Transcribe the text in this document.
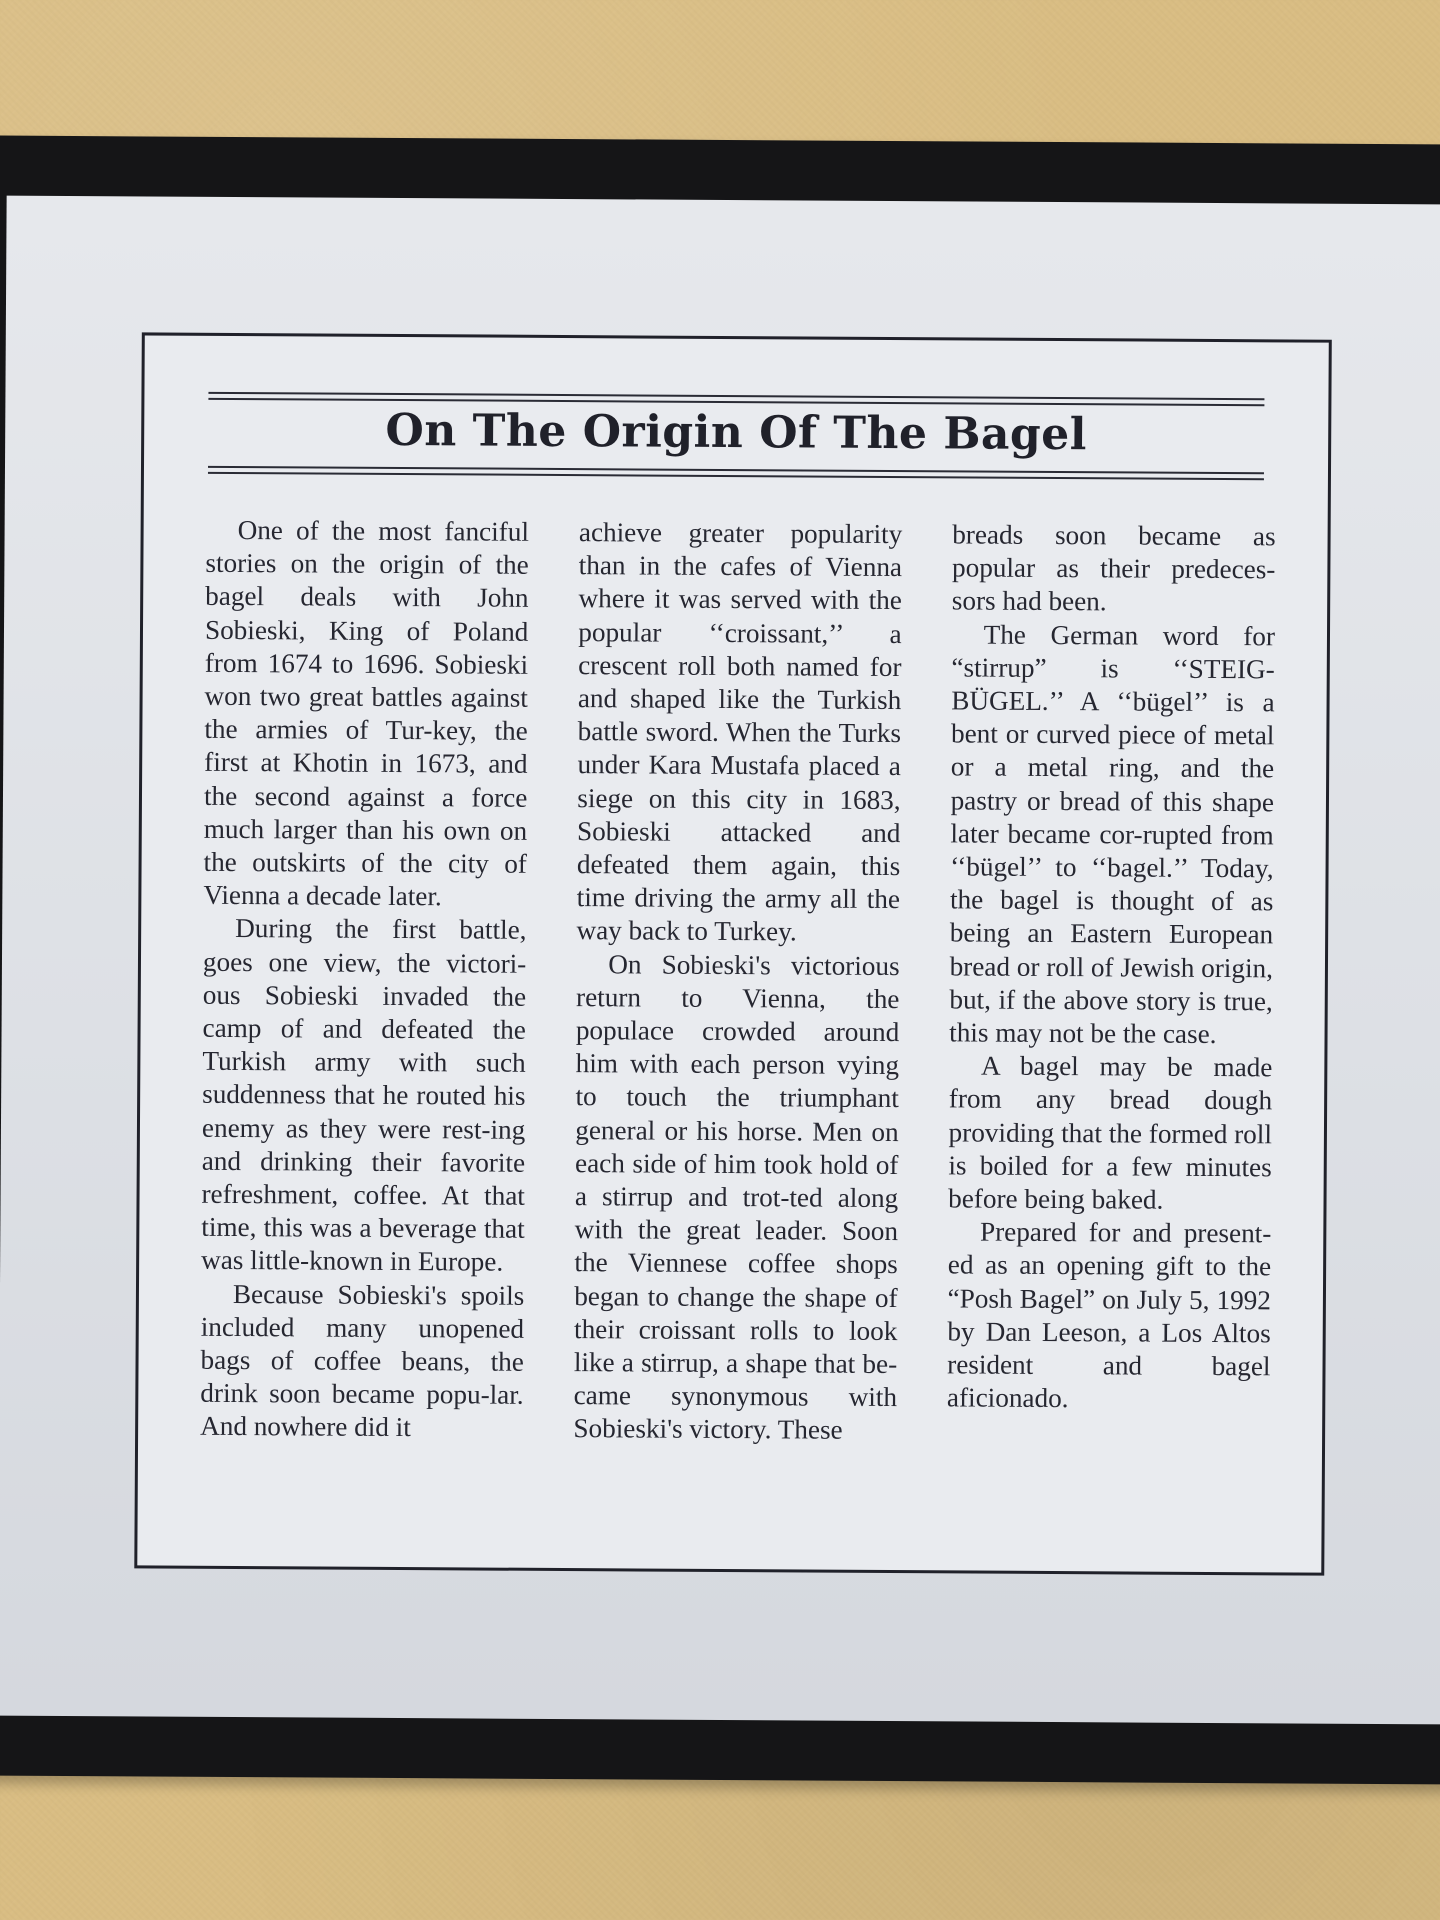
On The Origin Of The Bagel

One of the most fanciful stories on the origin of the bagel deals with John Sobieski, King of Poland from 1674 to 1696. Sobieski won two great battles against the armies of Tur-key, the first at Khotin in 1673, and the second against a force much larger than his own on the outskirts of the city of Vienna a decade later.

During the first battle, goes one view, the victori-ous Sobieski invaded the camp of and defeated the Turkish army with such suddenness that he routed his enemy as they were rest-ing and drinking their favorite refreshment, coffee. At that time, this was a beverage that was little-known in Europe.

Because Sobieski's spoils included many unopened bags of coffee beans, the drink soon became popu-lar. And nowhere did it

achieve greater popularity than in the cafes of Vienna where it was served with the popular ‘‘croissant,’’ a crescent roll both named for and shaped like the Turkish battle sword. When the Turks under Kara Mustafa placed a siege on this city in 1683, Sobieski attacked and defeated them again, this time driving the army all the way back to Turkey.

On Sobieski's victorious return to Vienna, the populace crowded around him with each person vying to touch the triumphant general or his horse. Men on each side of him took hold of a stirrup and trot-ted along with the great leader. Soon the Viennese coffee shops began to change the shape of their croissant rolls to look like a stirrup, a shape that be-came synonymous with Sobieski's victory. These

breads soon became as popular as their predeces-sors had been.

The German word for “stirrup” is ‘‘STEIG-BÜGEL.’’ A ‘‘bügel’’ is a bent or curved piece of metal or a metal ring, and the pastry or bread of this shape later became cor-rupted from ‘‘bügel’’ to ‘‘bagel.’’ Today, the bagel is thought of as being an Eastern European bread or roll of Jewish origin, but, if the above story is true, this may not be the case.

A bagel may be made from any bread dough providing that the formed roll is boiled for a few minutes before being baked.

Prepared for and present-ed as an opening gift to the “Posh Bagel” on July 5, 1992 by Dan Leeson, a Los Altos resident and bagel aficionado.
